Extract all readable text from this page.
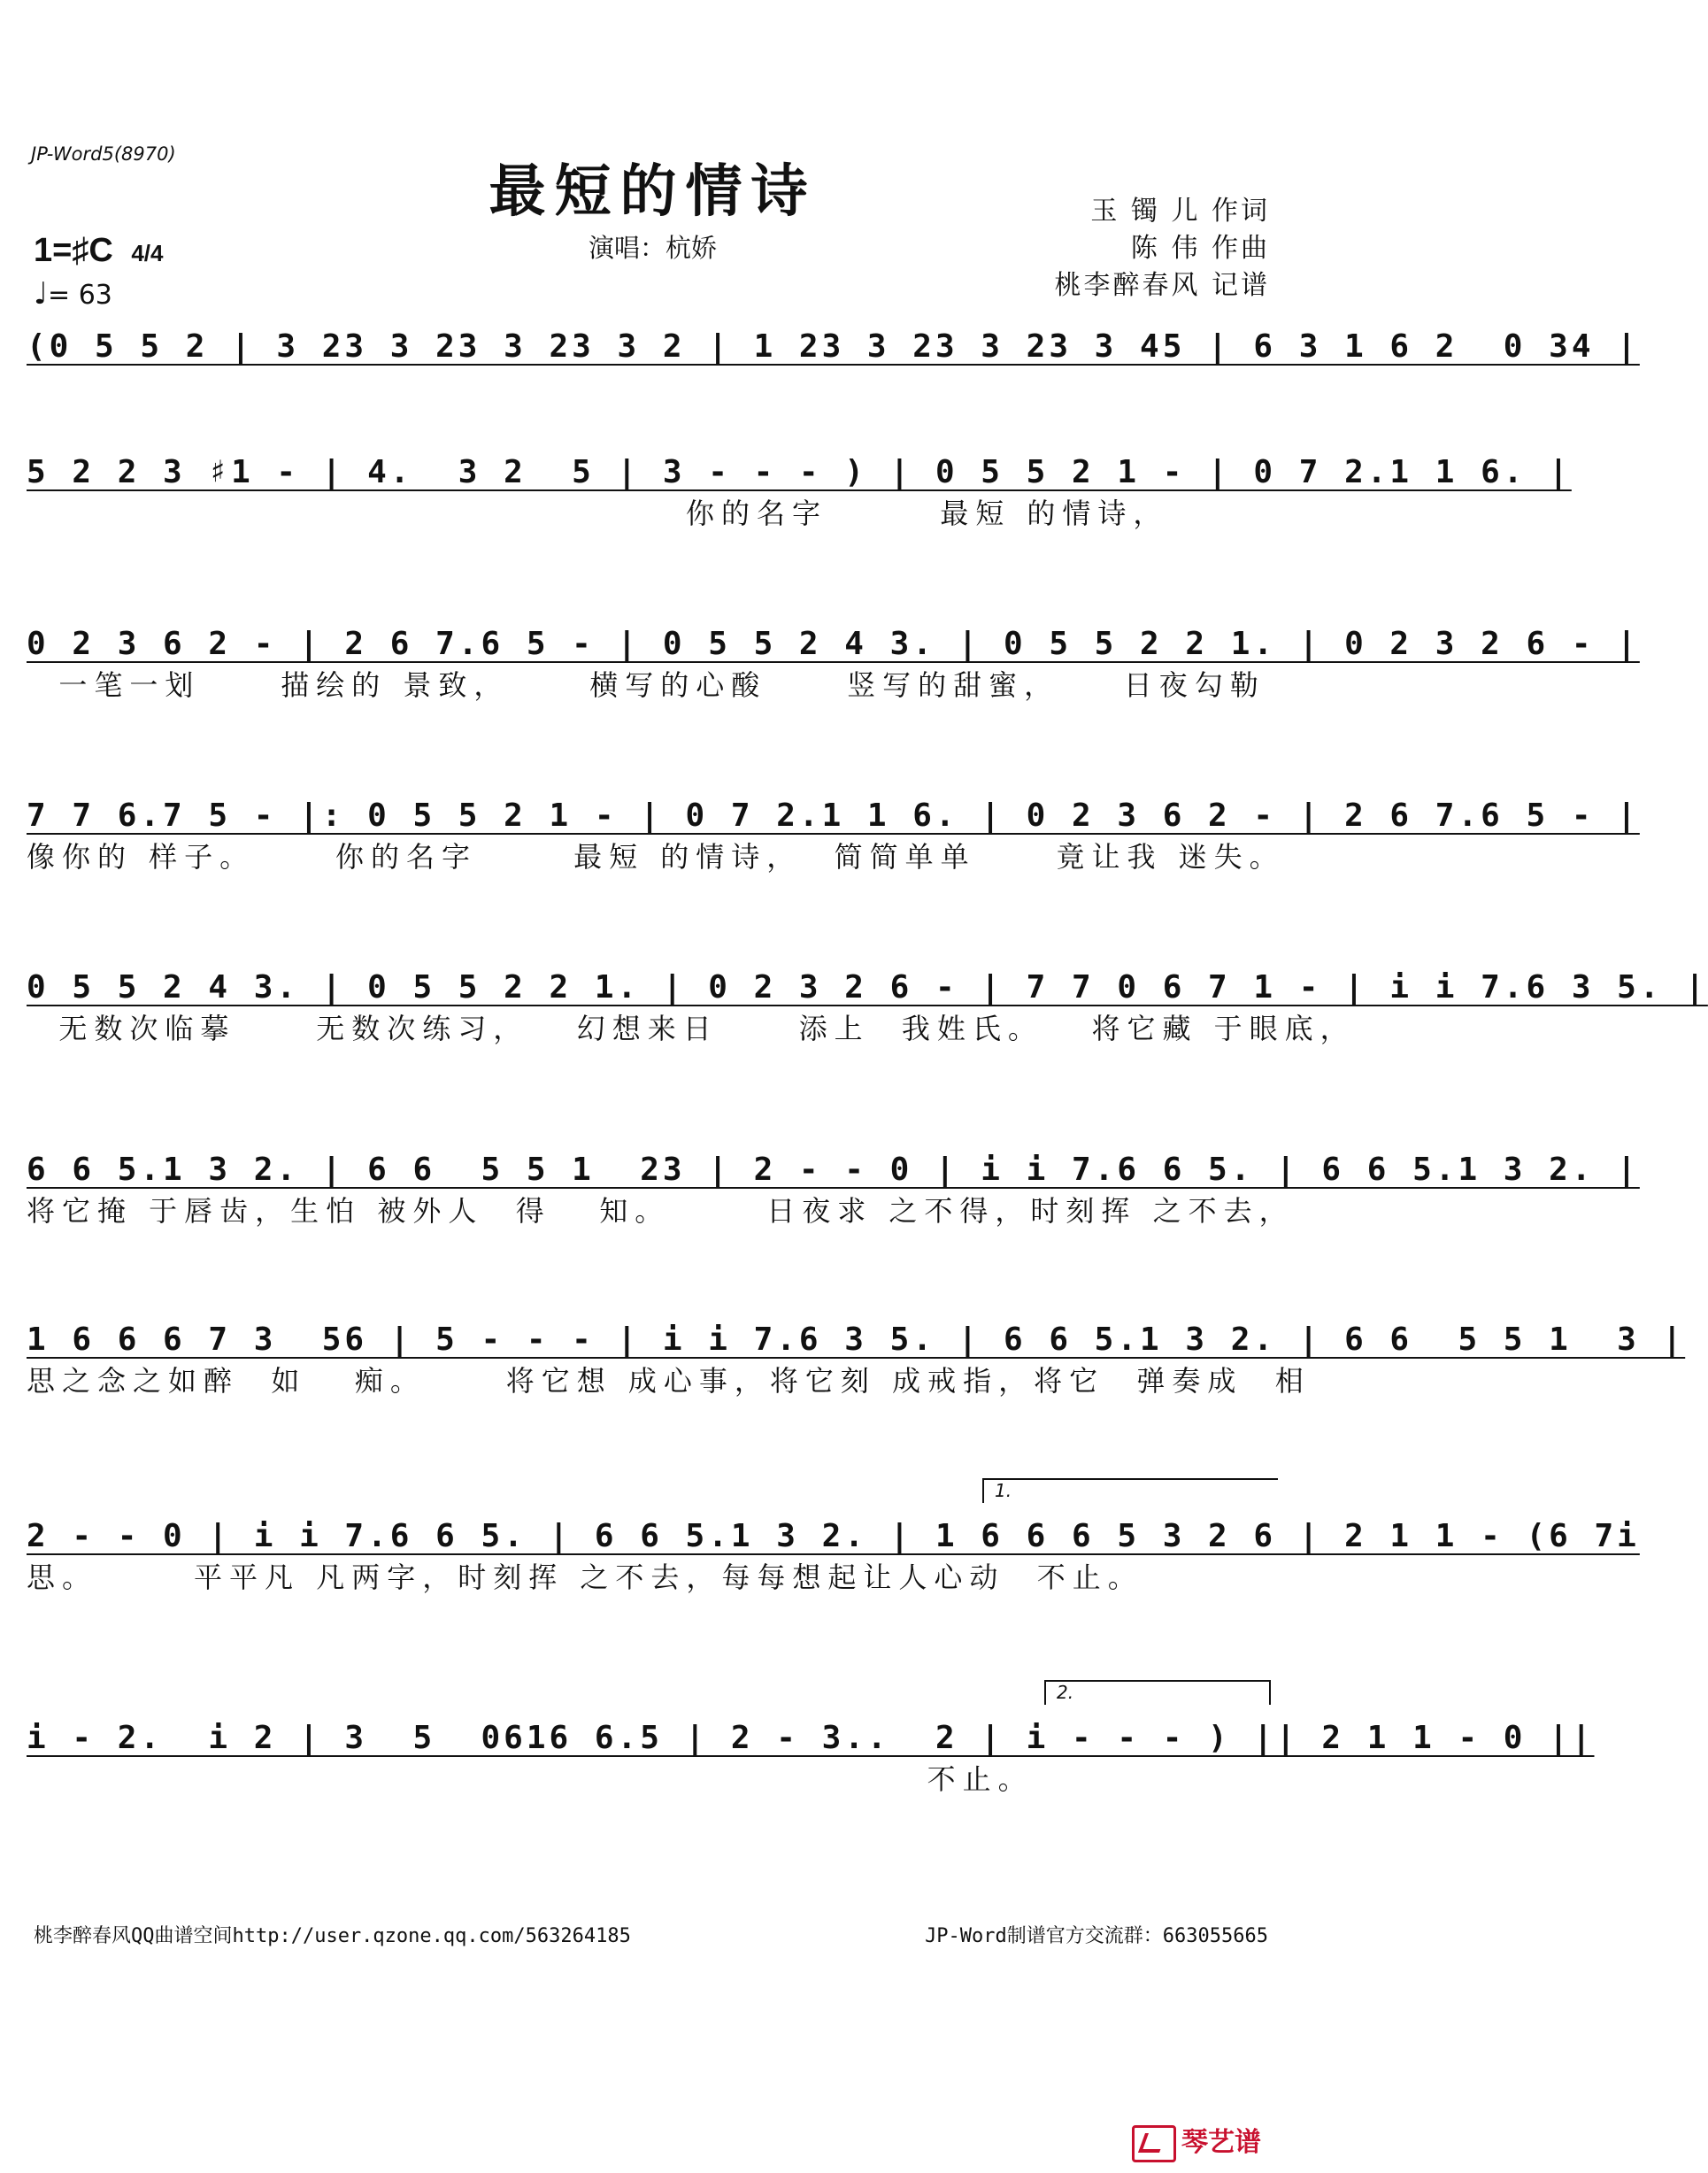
JP-Word5(8970)
最短的情诗
演唱：杭娇
玉 镯 儿 作词
陈 伟 作曲
桃李醉春风 记谱
1=♯C 4/4
♩= 63
(0 5 5 2 | 3 23 3 23 3 23 3 2 | 1 23 3 23 3 23 3 45 | 6 3 1 6 2  0 34 |
5 2 2 3 ♯1 - | 4.  3 2  5 | 3 - - - ) | 0 5 5 2 1 - | 0 7 2.1 1 6. |
你的名字       最短 的情诗，
0 2 3 6 2 - | 2 6 7.6 5 - | 0 5 5 2 4 3. | 0 5 5 2 2 1. | 0 2 3 2 6 - |
一笔一划     描绘的 景致，     横写的心酸     竖写的甜蜜，    日夜勾勒
7 7 6.7 5 - |: 0 5 5 2 1 - | 0 7 2.1 1 6. | 0 2 3 6 2 - | 2 6 7.6 5 - |
像你的 样子。     你的名字      最短 的情诗，  简简单单     竟让我 迷失。
0 5 5 2 4 3. | 0 5 5 2 2 1. | 0 2 3 2 6 - | 7 7 0 6 7 1 - | i i 7.6 3 5. |
无数次临摹     无数次练习，   幻想来日     添上  我姓氏。   将它藏 于眼底，
6 6 5.1 3 2. | 6 6  5 5 1  23 | 2 - - 0 | i i 7.6 6 5. | 6 6 5.1 3 2. |
将它掩 于唇齿，生怕 被外人  得   知。      日夜求 之不得，时刻挥 之不去，
1 6 6 6 7 3  56 | 5 - - - | i i 7.6 3 5. | 6 6 5.1 3 2. | 6 6  5 5 1  3 |
思之念之如醉  如   痴。     将它想 成心事，将它刻 成戒指，将它  弹奏成  相
1.
2 - - 0 | i i 7.6 6 5. | 6 6 5.1 3 2. | 1 6 6 6 5 3 2 6 | 2 1 1 - (6 7i
思。      平平凡 凡两字，时刻挥 之不去，每每想起让人心动  不止。
2.
i - 2.  i 2 | 3  5  0616 6.5 | 2 - 3..  2 | i - - - ) || 2 1 1 - 0 ||
不止。
桃李醉春风QQ曲谱空间http://user.qzone.qq.com/563264185	JP-Word制谱官方交流群：663055665
琴艺谱
